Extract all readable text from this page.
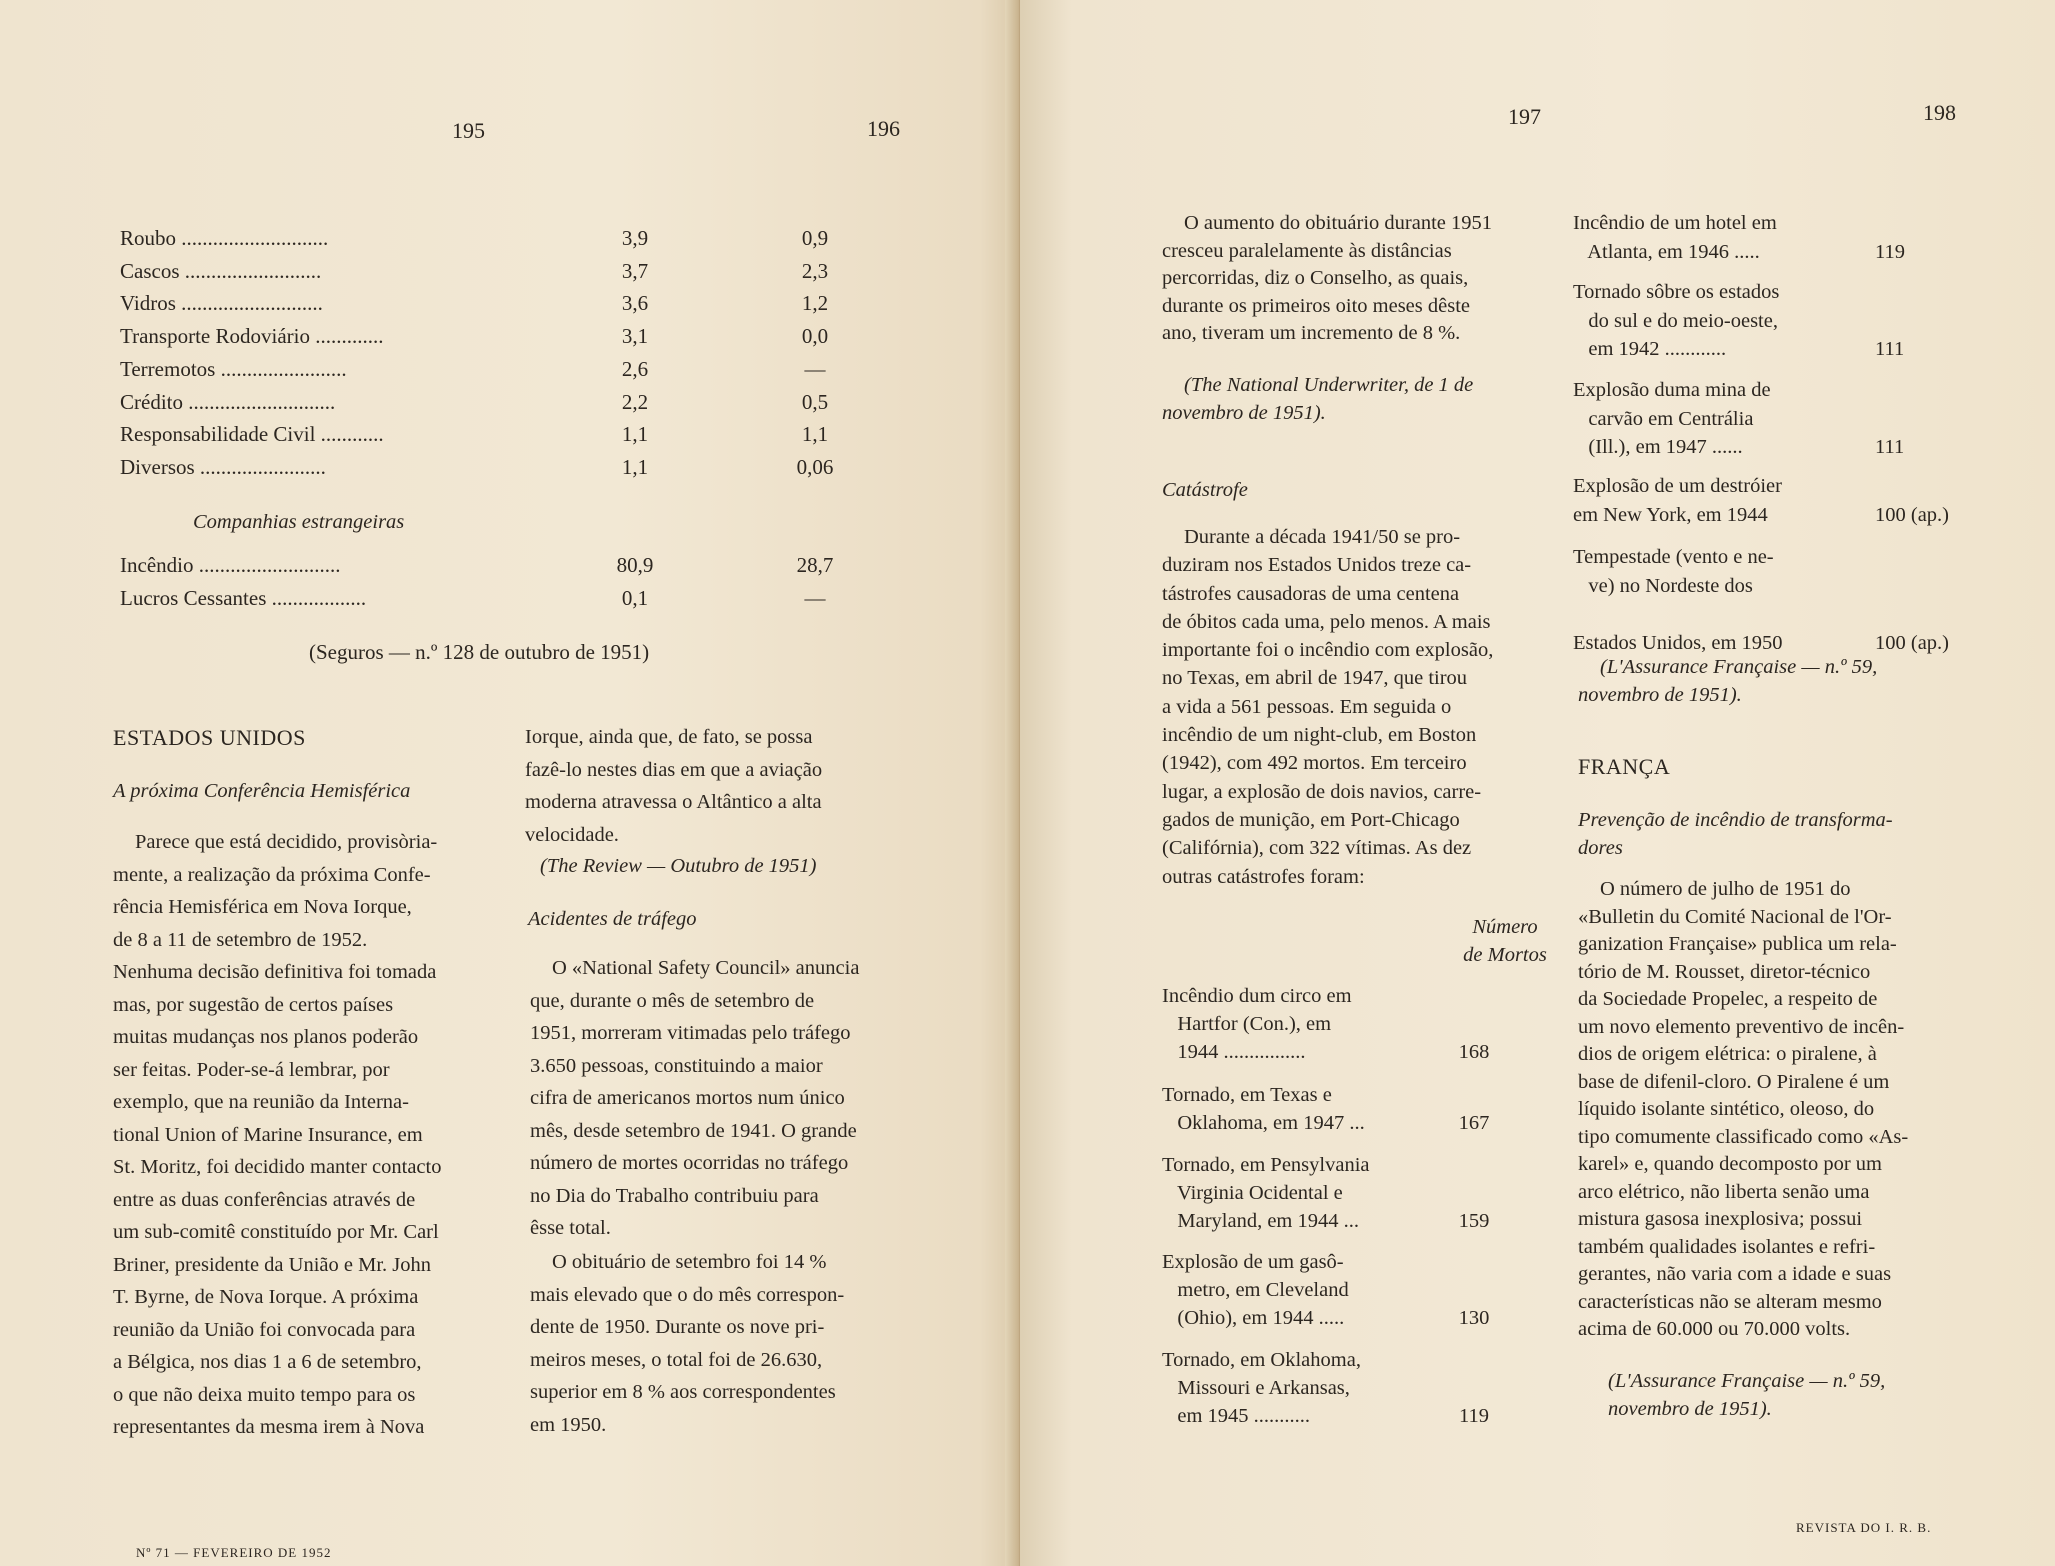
195	196
Roubo ............................	3,9	0,9
Cascos ..........................	3,7	2,3
Vidros ...........................	3,6	1,2
Transporte Rodoviário .............	3,1	0,0
Terremotos ........................	2,6	—
Crédito ............................	2,2	0,5
Responsabilidade Civil ............	1,1	1,1
Diversos ........................	1,1	0,06
Companhias estrangeiras
Incêndio ...........................	80,9	28,7
Lucros Cessantes ..................	0,1	—
(Seguros — n.º 128 de outubro de 1951)
ESTADOS UNIDOS
A próxima Conferência Hemisférica
Parece que está decidido, provisòria-
mente, a realização da próxima Confe-
rência Hemisférica em Nova Iorque,
de 8 a 11 de setembro de 1952.
Nenhuma decisão definitiva foi tomada
mas, por sugestão de certos países
muitas mudanças nos planos poderão
ser feitas. Poder-se-á lembrar, por
exemplo, que na reunião da Interna-
tional Union of Marine Insurance, em
St. Moritz, foi decidido manter contacto
entre as duas conferências através de
um sub-comitê constituído por Mr. Carl
Briner, presidente da União e Mr. John
T. Byrne, de Nova Iorque. A próxima
reunião da União foi convocada para
a Bélgica, nos dias 1 a 6 de setembro,
o que não deixa muito tempo para os
representantes da mesma irem à Nova
Iorque, ainda que, de fato, se possa
fazê-lo nestes dias em que a aviação
moderna atravessa o Altântico a alta
velocidade.
(The Review — Outubro de 1951)
Acidentes de tráfego
O «National Safety Council» anuncia
que, durante o mês de setembro de
1951, morreram vitimadas pelo tráfego
3.650 pessoas, constituindo a maior
cifra de americanos mortos num único
mês, desde setembro de 1941. O grande
número de mortes ocorridas no tráfego
no Dia do Trabalho contribuiu para
êsse total.
O obituário de setembro foi 14 %
mais elevado que o do mês correspon-
dente de 1950. Durante os nove pri-
meiros meses, o total foi de 26.630,
superior em 8 % aos correspondentes
em 1950.
Nº 71 — FEVEREIRO DE 1952
197	198
O aumento do obituário durante 1951
cresceu paralelamente às distâncias
percorridas, diz o Conselho, as quais,
durante os primeiros oito meses dêste
ano, tiveram um incremento de 8 %.
(The National Underwriter, de 1 de
novembro de 1951).
Catástrofe
Durante a década 1941/50 se pro-
duziram nos Estados Unidos treze ca-
tástrofes causadoras de uma centena
de óbitos cada uma, pelo menos. A mais
importante foi o incêndio com explosão,
no Texas, em abril de 1947, que tirou
a vida a 561 pessoas. Em seguida o
incêndio de um night-club, em Boston
(1942), com 492 mortos. Em terceiro
lugar, a explosão de dois navios, carre-
gados de munição, em Port-Chicago
(Califórnia), com 322 vítimas. As dez
outras catástrofes foram:
Número
de Mortos
Incêndio dum circo em
Hartfor (Con.), em
1944 ................	168
Tornado, em Texas e
Oklahoma, em 1947 ...	167
Tornado, em Pensylvania
Virginia Ocidental e
Maryland, em 1944 ...	159
Explosão de um gasô-
metro, em Cleveland
(Ohio), em 1944 .....	130
Tornado, em Oklahoma,
Missouri e Arkansas,
em 1945 ...........	119
Incêndio de um hotel em
Atlanta, em 1946 .....	119
Tornado sôbre os estados
do sul e do meio-oeste,
em 1942 ............	111
Explosão duma mina de
carvão em Centrália
(Ill.), em 1947 ......	111
Explosão de um destróier
em New York, em 1944	100 (ap.)
Tempestade (vento e ne-
ve) no Nordeste dos
Estados Unidos, em 1950	100 (ap.)
(L'Assurance Française — n.º 59,
novembro de 1951).
FRANÇA
Prevenção de incêndio de transforma-
dores
O número de julho de 1951 do
«Bulletin du Comité Nacional de l'Or-
ganization Française» publica um rela-
tório de M. Rousset, diretor-técnico
da Sociedade Propelec, a respeito de
um novo elemento preventivo de incên-
dios de origem elétrica: o piralene, à
base de difenil-cloro. O Piralene é um
líquido isolante sintético, oleoso, do
tipo comumente classificado como «As-
karel» e, quando decomposto por um
arco elétrico, não liberta senão uma
mistura gasosa inexplosiva; possui
também qualidades isolantes e refri-
gerantes, não varia com a idade e suas
características não se alteram mesmo
acima de 60.000 ou 70.000 volts.
(L'Assurance Française — n.º 59,
novembro de 1951).
REVISTA DO I. R. B.
